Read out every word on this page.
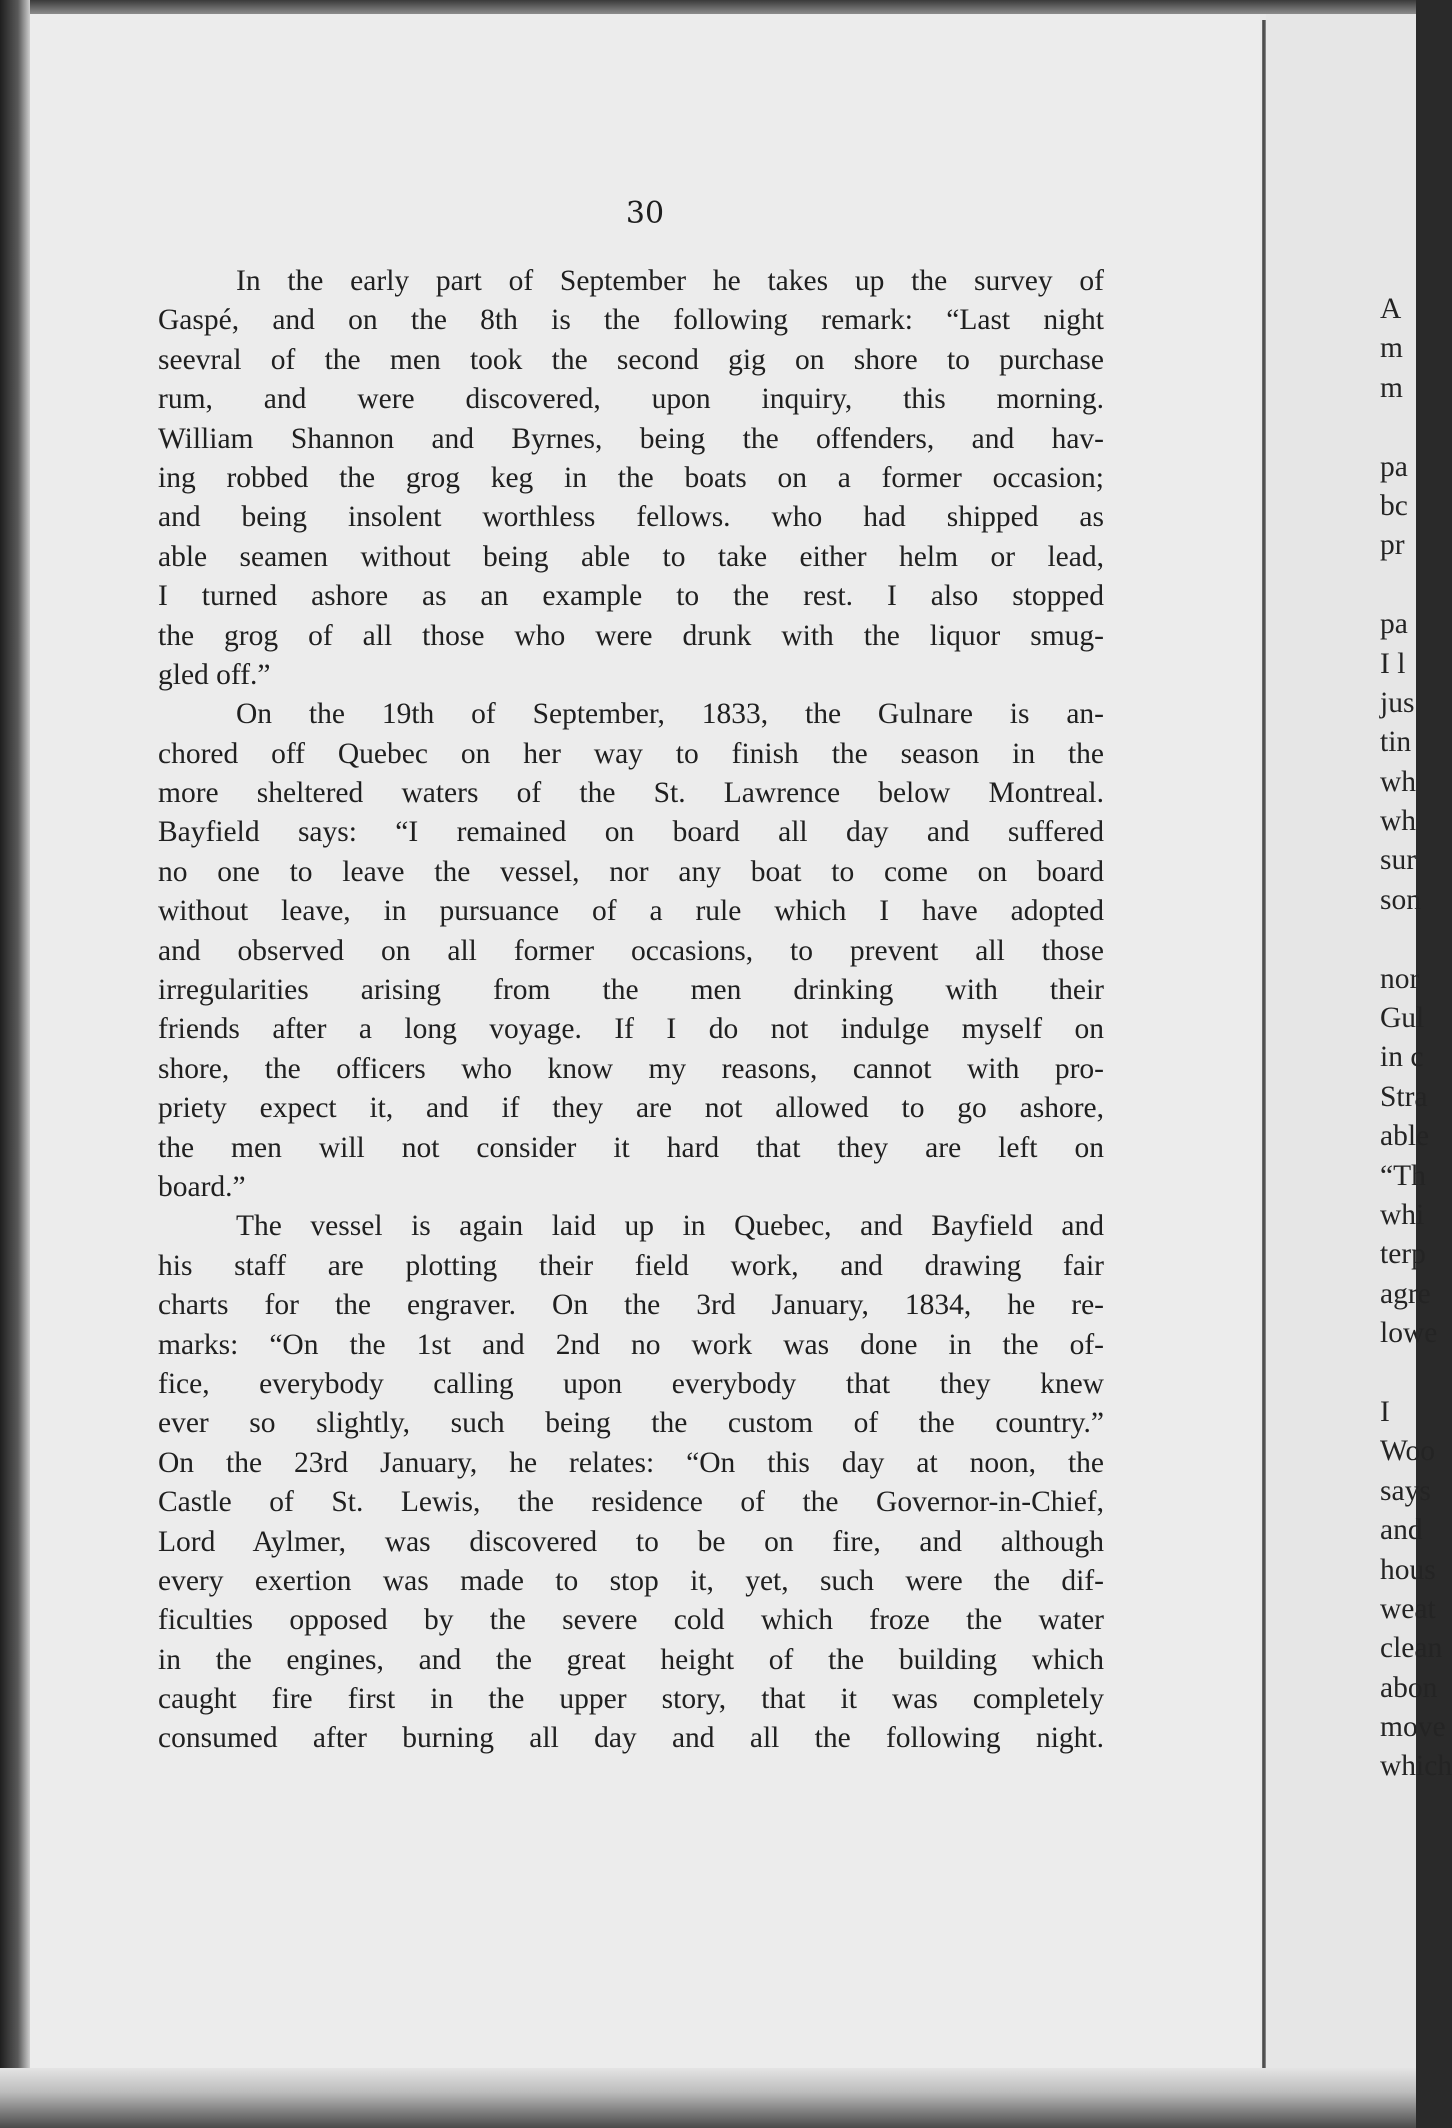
30
In the early part of September he takes up the survey of
Gaspé, and on the 8th is the following remark: “Last night
seevral of the men took the second gig on shore to purchase
rum, and were discovered, upon inquiry, this morning.
William Shannon and Byrnes, being the offenders, and hav-
ing robbed the grog keg in the boats on a former occasion;
and being insolent worthless fellows. who had shipped as
able seamen without being able to take either helm or lead,
I turned ashore as an example to the rest. I also stopped
the grog of all those who were drunk with the liquor smug-
gled off.”
On the 19th of September, 1833, the Gulnare is an-
chored off Quebec on her way to finish the season in the
more sheltered waters of the St. Lawrence below Montreal.
Bayfield says: “I remained on board all day and suffered
no one to leave the vessel, nor any boat to come on board
without leave, in pursuance of a rule which I have adopted
and observed on all former occasions, to prevent all those
irregularities arising from the men drinking with their
friends after a long voyage. If I do not indulge myself on
shore, the officers who know my reasons, cannot with pro-
priety expect it, and if they are not allowed to go ashore,
the men will not consider it hard that they are left on
board.”
The vessel is again laid up in Quebec, and Bayfield and
his staff are plotting their field work, and drawing fair
charts for the engraver. On the 3rd January, 1834, he re-
marks: “On the 1st and 2nd no work was done in the of-
fice, everybody calling upon everybody that they knew
ever so slightly, such being the custom of the country.”
On the 23rd January, he relates: “On this day at noon, the
Castle of St. Lewis, the residence of the Governor-in-Chief,
Lord Aylmer, was discovered to be on fire, and although
every exertion was made to stop it, yet, such were the dif-
ficulties opposed by the severe cold which froze the water
in the engines, and the great height of the building which
caught fire first in the upper story, that it was completely
consumed after burning all day and all the following night.
A
m
m
pa
bc
pr
pa
I l
jus
tin
wh
wh
sur
son
nor
Gul
in c
Stra
able
“Th
whi
terp
agre
lowe
I
Woo
says
and
hous
weat
clean
abon
move
which
